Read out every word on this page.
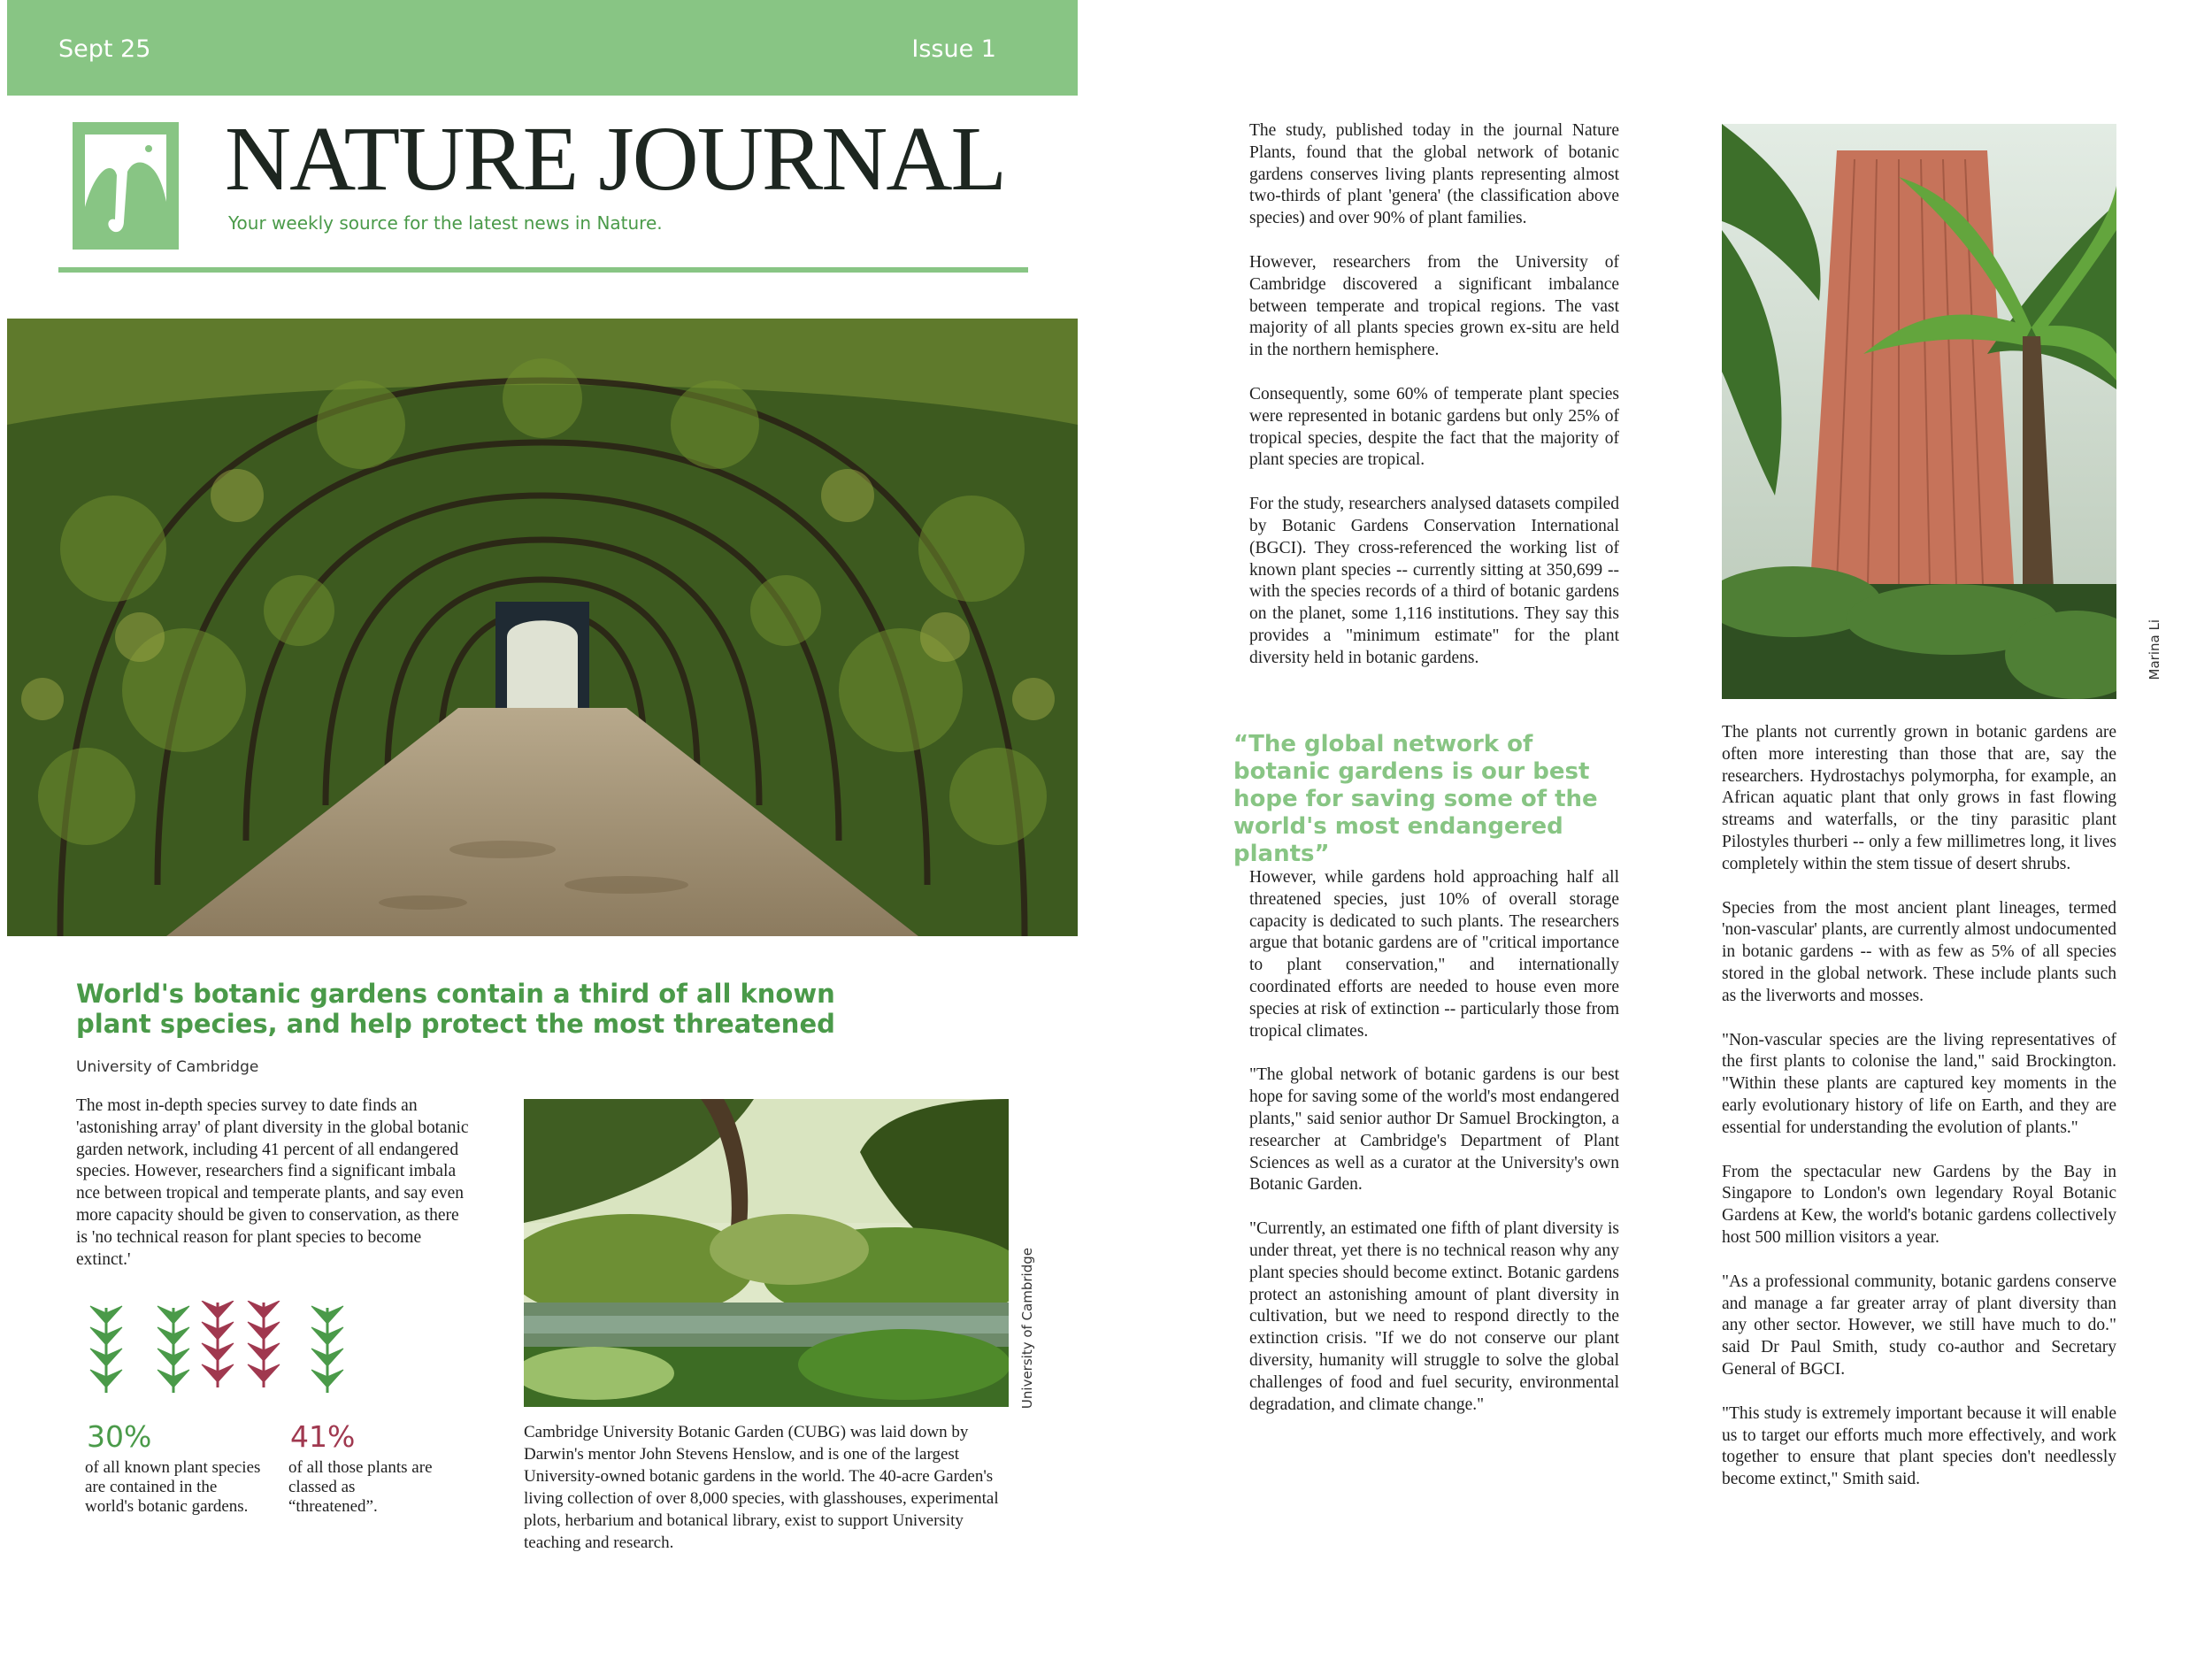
Sept 25	Issue 1
NATURE JOURNAL
Your weekly source for the latest news in Nature.
World's botanic gardens contain a third of all known plant species, and help protect the most threatened
University of Cambridge
The most in-depth species survey to date finds an 'astonishing array' of plant diversity in the global botanic garden network, including 41 percent of all endangered species. However, researchers find a significant imbala nce between tropical and temperate plants, and say even more capacity should be given to conservation, as there is 'no technical reason for plant species to become extinct.'
30%
of all known plant species are contained in the world's botanic gardens.
41%
of all those plants are classed as “threatened”.
University of Cambridge
Cambridge University Botanic Garden (CUBG) was laid down by Darwin's mentor John Stevens Henslow, and is one of the largest University-owned botanic gardens in the world. The 40-acre Garden's living collection of over 8,000 species, with glasshouses, experimental plots, herbarium and botanical library, exist to support University teaching and research.

The study, published today in the journal Nature Plants, found that the global network of botanic gardens conserves living plants representing almost two-thirds of plant 'genera' (the classification above species) and over 90% of plant families.

However, researchers from the University of Cambridge discovered a significant imbalance between temperate and tropical regions. The vast majority of all plants species grown ex-situ are held in the northern hemisphere.

Consequently, some 60% of temperate plant species were represented in botanic gardens but only 25% of tropical species, despite the fact that the majority of plant species are tropical.

For the study, researchers analysed datasets compiled by Botanic Gardens Conservation International (BGCI). They cross-referenced the working list of known plant species -- currently sitting at 350,699 -- with the species records of a third of botanic gardens on the planet, some 1,116 institutions. They say this provides a "minimum estimate" for the plant diversity held in botanic gardens.

“The global network of botanic gardens is our best hope for saving some of the world's most endangered plants”

However, while gardens hold approaching half all threatened species, just 10% of overall storage capacity is dedicated to such plants. The researchers argue that botanic gardens are of "critical importance to plant conservation," and internationally coordinated efforts are needed to house even more species at risk of extinction -- particularly those from tropical climates.

"The global network of botanic gardens is our best hope for saving some of the world's most endangered plants," said senior author Dr Samuel Brockington, a researcher at Cambridge's Department of Plant Sciences as well as a curator at the University's own Botanic Garden.

"Currently, an estimated one fifth of plant diversity is under threat, yet there is no technical reason why any plant species should become extinct. Botanic gardens protect an astonishing amount of plant diversity in cultivation, but we need to respond directly to the extinction crisis. "If we do not conserve our plant diversity, humanity will struggle to solve the global challenges of food and fuel security, environmental degradation, and climate change."

Marina Li

The plants not currently grown in botanic gardens are often more interesting than those that are, say the researchers. Hydrostachys polymorpha, for example, an African aquatic plant that only grows in fast flowing streams and waterfalls, or the tiny parasitic plant Pilostyles thurberi -- only a few millimetres long, it lives completely within the stem tissue of desert shrubs.

Species from the most ancient plant lineages, termed 'non-vascular' plants, are currently almost undocumented in botanic gardens -- with as few as 5% of all species stored in the global network. These include plants such as the liverworts and mosses.

"Non-vascular species are the living representatives of the first plants to colonise the land," said Brockington. "Within these plants are captured key moments in the early evolutionary history of life on Earth, and they are essential for understanding the evolution of plants."

From the spectacular new Gardens by the Bay in Singapore to London's own legendary Royal Botanic Gardens at Kew, the world's botanic gardens collectively host 500 million visitors a year.

"As a professional community, botanic gardens conserve and manage a far greater array of plant diversity than any other sector. However, we still have much to do." said Dr Paul Smith, study co-author and Secretary General of BGCI.

"This study is extremely important because it will enable us to target our efforts much more effectively, and work together to ensure that plant species don't needlessly become extinct," Smith said.
